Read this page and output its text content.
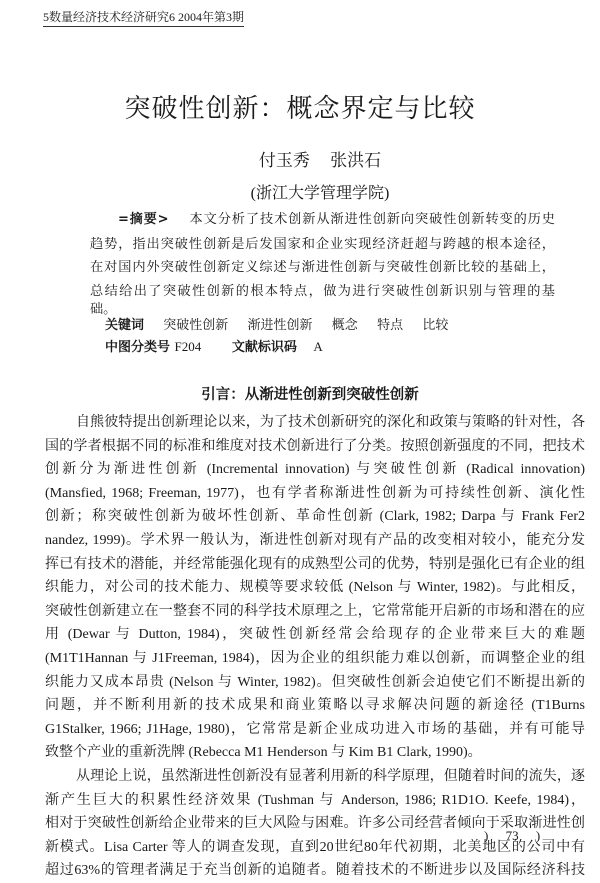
5数量经济技术经济研究6 2004年第3期
突破性创新：概念界定与比较
付玉秀 张洪石
(浙江大学管理学院)
=摘要> 本文分析了技术创新从渐进性创新向突破性创新转变的历史
趋势，指出突破性创新是后发国家和企业实现经济赶超与跨越的根本途径，
在对国内外突破性创新定义综述与渐进性创新与突破性创新比较的基础上，
总结给出了突破性创新的根本特点，做为进行突破性创新识别与管理的基
础。
关键词 突破性创新 渐进性创新 概念 特点 比较
中图分类号 F204 文献标识码 A
引言：从渐进性创新到突破性创新
自熊彼特提出创新理论以来，为了技术创新研究的深化和政策与策略的针对性，各
国的学者根据不同的标准和维度对技术创新进行了分类。按照创新强度的不同，把技术
创新分为渐进性创新 (Incremental innovation) 与突破性创新 (Radical innovation)
(Mansfied, 1968; Freeman, 1977)，也有学者称渐进性创新为可持续性创新、演化性
创新；称突破性创新为破坏性创新、革命性创新 (Clark, 1982; Darpa 与 Frank Fer2
nandez, 1999)。学术界一般认为，渐进性创新对现有产品的改变相对较小，能充分发
挥已有技术的潜能，并经常能强化现有的成熟型公司的优势，特别是强化已有企业的组
织能力，对公司的技术能力、规模等要求较低 (Nelson 与 Winter, 1982)。与此相反，
突破性创新建立在一整套不同的科学技术原理之上，它常常能开启新的市场和潜在的应
用 (Dewar 与 Dutton, 1984)，突破性创新经常会给现存的企业带来巨大的难题
(M1T1Hannan 与 J1Freeman, 1984)，因为企业的组织能力难以创新，而调整企业的组
织能力又成本昂贵 (Nelson 与 Winter, 1982)。但突破性创新会迫使它们不断提出新的
问题，并不断利用新的技术成果和商业策略以寻求解决问题的新途径 (T1Burns
G1Stalker, 1966; J1Hage, 1980)，它常常是新企业成功进入市场的基础，并有可能导
致整个产业的重新洗牌 (Rebecca M1 Henderson 与 Kim B1 Clark, 1990)。
从理论上说，虽然渐进性创新没有显著利用新的科学原理，但随着时间的流失，逐
渐产生巨大的积累性经济效果 (Tushman 与 Anderson, 1986; R1D1O. Keefe, 1984)，
相对于突破性创新给企业带来的巨大风险与困难。许多公司经营者倾向于采取渐进性创
新模式。Lisa Carter 等人的调查发现，直到20世纪80年代初期，北美地区的公司中有
超过63%的管理者满足于充当创新的追随者。随着技术的不断进步以及国际经济科技
) 73 )
